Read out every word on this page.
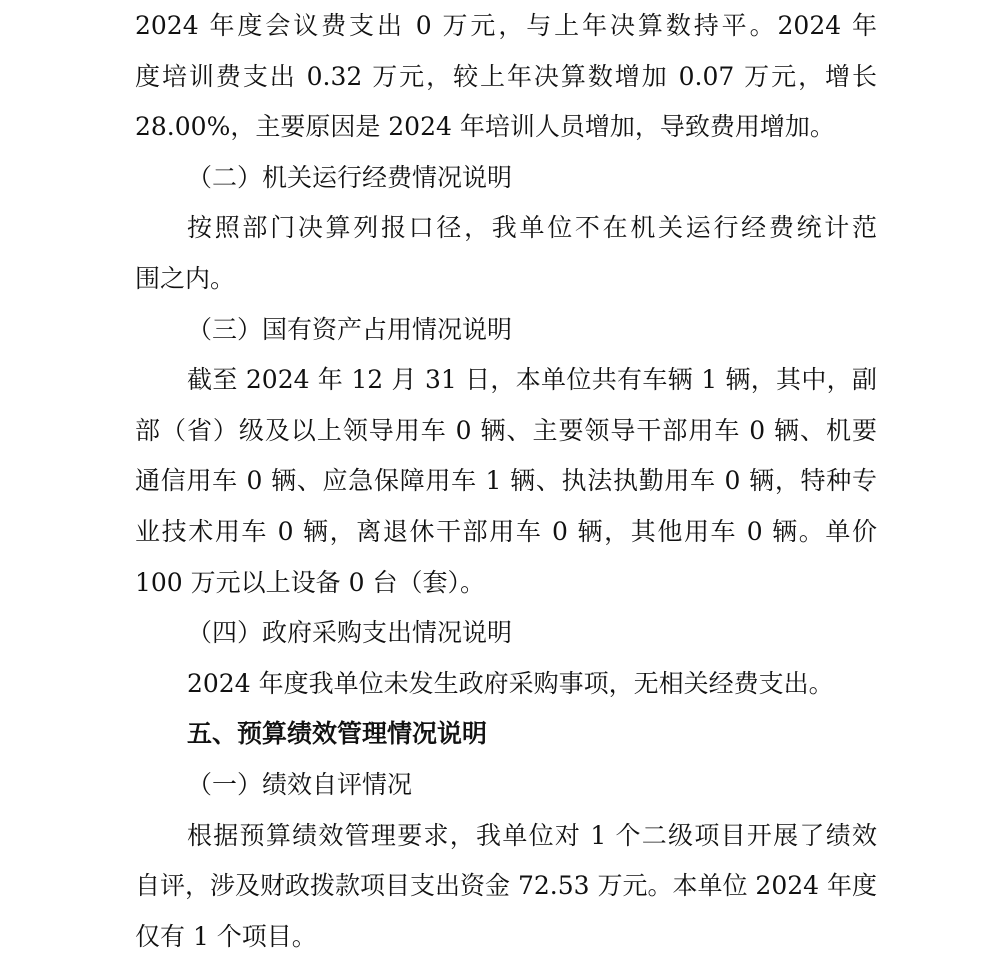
2024 年度会议费支出 0 万元，与上年决算数持平。2024 年
度培训费支出 0.32 万元，较上年决算数增加 0.07 万元，增长
28.00%，主要原因是 2024 年培训人员增加，导致费用增加。
（二）机关运行经费情况说明
按照部门决算列报口径，我单位不在机关运行经费统计范
围之内。
（三）国有资产占用情况说明
截至 2024 年 12 月 31 日，本单位共有车辆 1 辆，其中，副
部（省）级及以上领导用车 0 辆、主要领导干部用车 0 辆、机要
通信用车 0 辆、应急保障用车 1 辆、执法执勤用车 0 辆，特种专
业技术用车 0 辆，离退休干部用车 0 辆，其他用车 0 辆。单价
100 万元以上设备 0 台（套）。
（四）政府采购支出情况说明
2024 年度我单位未发生政府采购事项，无相关经费支出。
五、预算绩效管理情况说明
（一）绩效自评情况
根据预算绩效管理要求，我单位对 1 个二级项目开展了绩效
自评，涉及财政拨款项目支出资金 72.53 万元。本单位 2024 年度
仅有 1 个项目。
